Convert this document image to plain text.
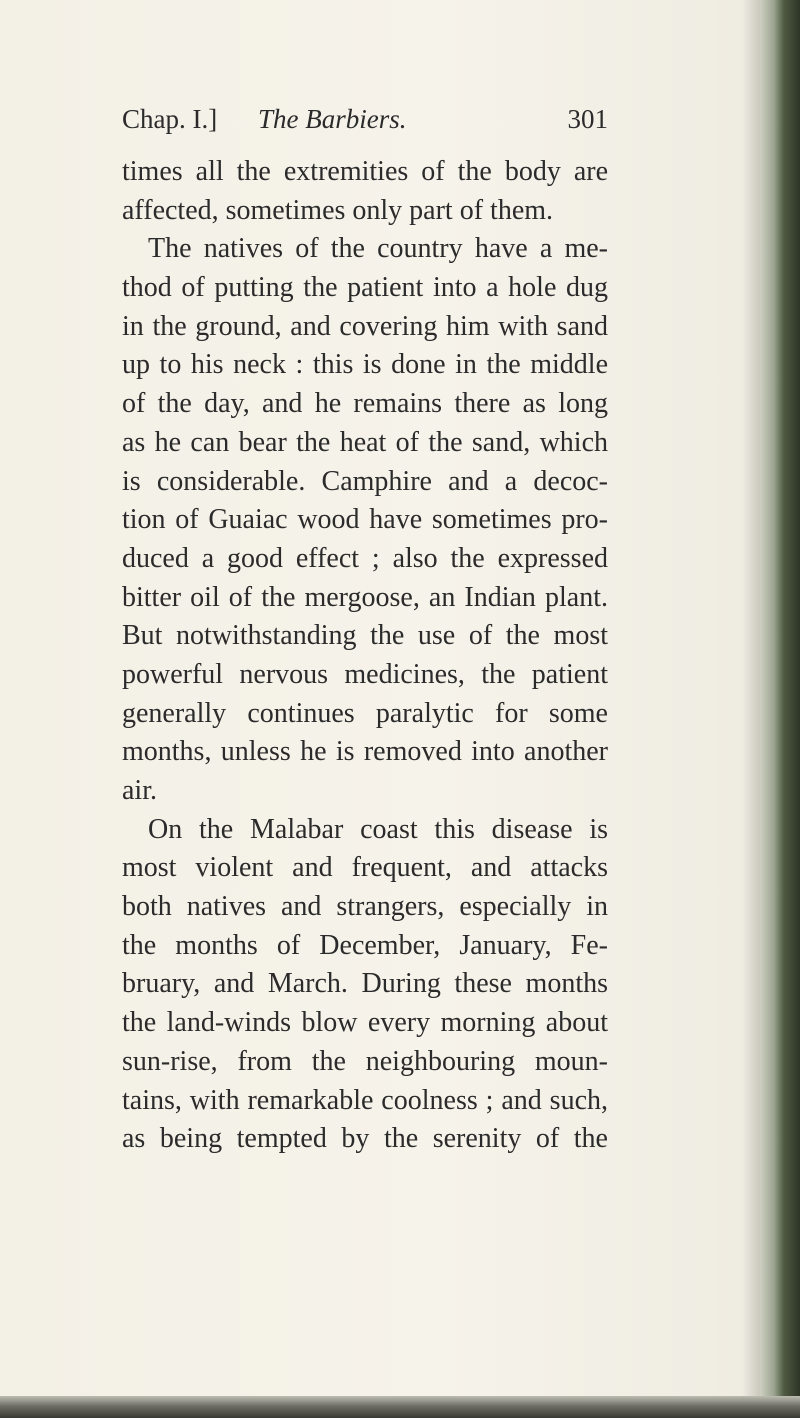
Chap. I.] The Barbiers.	301
times all the extremities of the body are
affected, sometimes only part of them.
The natives of the country have a me-
thod of putting the patient into a hole dug
in the ground, and covering him with sand
up to his neck : this is done in the middle
of the day, and he remains there as long
as he can bear the heat of the sand, which
is considerable. Camphire and a decoc-
tion of Guaiac wood have sometimes pro-
duced a good effect ; also the expressed
bitter oil of the mergoose, an Indian plant.
But notwithstanding the use of the most
powerful nervous medicines, the patient
generally continues paralytic for some
months, unless he is removed into another
air.
On the Malabar coast this disease is
most violent and frequent, and attacks
both natives and strangers, especially in
the months of December, January, Fe-
bruary, and March. During these months
the land-winds blow every morning about
sun-rise, from the neighbouring moun-
tains, with remarkable coolness ; and such,
as being tempted by the serenity of the
